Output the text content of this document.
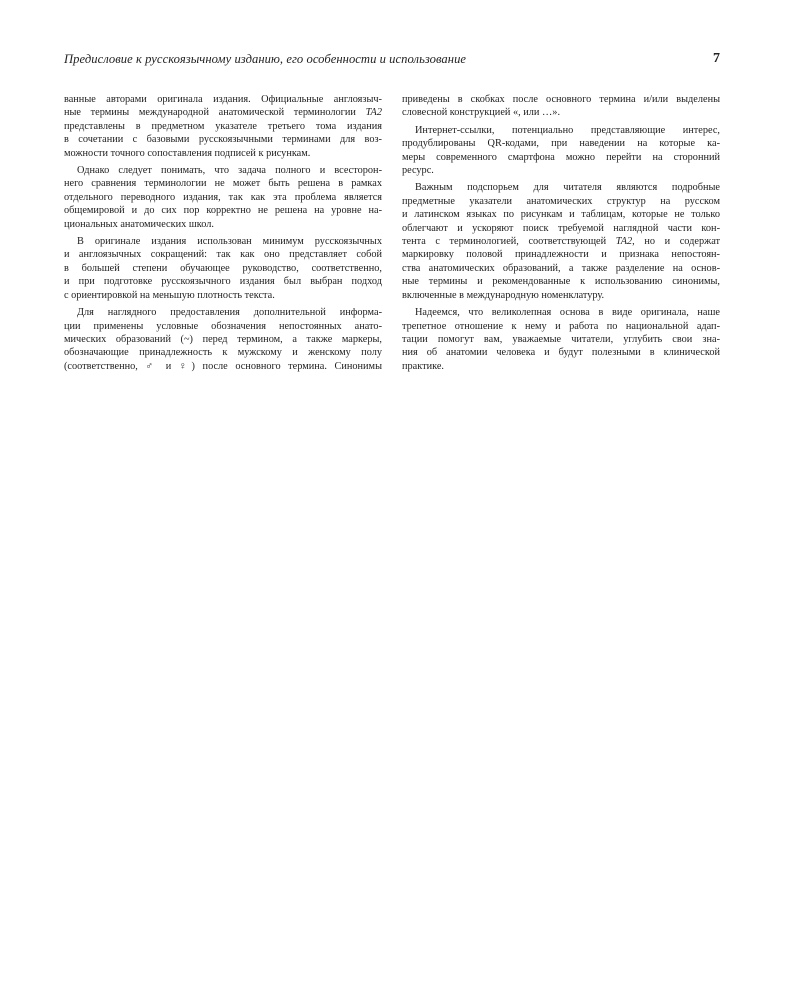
Предисловие к русскоязычному изданию, его особенности и использование	7

ванные авторами оригинала издания. Официальные англоязыч-
ные термины международной анатомической терминологии TA2
представлены в предметном указателе третьего тома издания
в сочетании с базовыми русскоязычными терминами для воз-
можности точного сопоставления подписей к рисункам.

Однако следует понимать, что задача полного и всесторон-
него сравнения терминологии не может быть решена в рамках
отдельного переводного издания, так как эта проблема является
общемировой и до сих пор корректно не решена на уровне на-
циональных анатомических школ.

В оригинале издания использован минимум русскоязычных
и англоязычных сокращений: так как оно представляет собой
в большей степени обучающее руководство, соответственно,
и при подготовке русскоязычного издания был выбран подход
с ориентировкой на меньшую плотность текста.

Для наглядного предоставления дополнительной информа-
ции применены условные обозначения непостоянных анато-
мических образований (~) перед термином, а также маркеры,
обозначающие принадлежность к мужскому и женскому полу
(соответственно, ♂ и ♀) после основного термина. Синонимы

приведены в скобках после основного термина и/или выделены
словесной конструкцией «, или …».

Интернет-ссылки, потенциально представляющие интерес,
продублированы QR-кодами, при наведении на которые ка-
меры современного смартфона можно перейти на сторонний
ресурс.

Важным подспорьем для читателя являются подробные
предметные указатели анатомических структур на русском
и латинском языках по рисункам и таблицам, которые не только
облегчают и ускоряют поиск требуемой наглядной части кон-
тента с терминологией, соответствующей TA2, но и содержат
маркировку половой принадлежности и признака непостоян-
ства анатомических образований, а также разделение на основ-
ные термины и рекомендованные к использованию синонимы,
включенные в международную номенклатуру.

Надеемся, что великолепная основа в виде оригинала, наше
трепетное отношение к нему и работа по национальной адап-
тации помогут вам, уважаемые читатели, углубить свои зна-
ния об анатомии человека и будут полезными в клинической
практике.
